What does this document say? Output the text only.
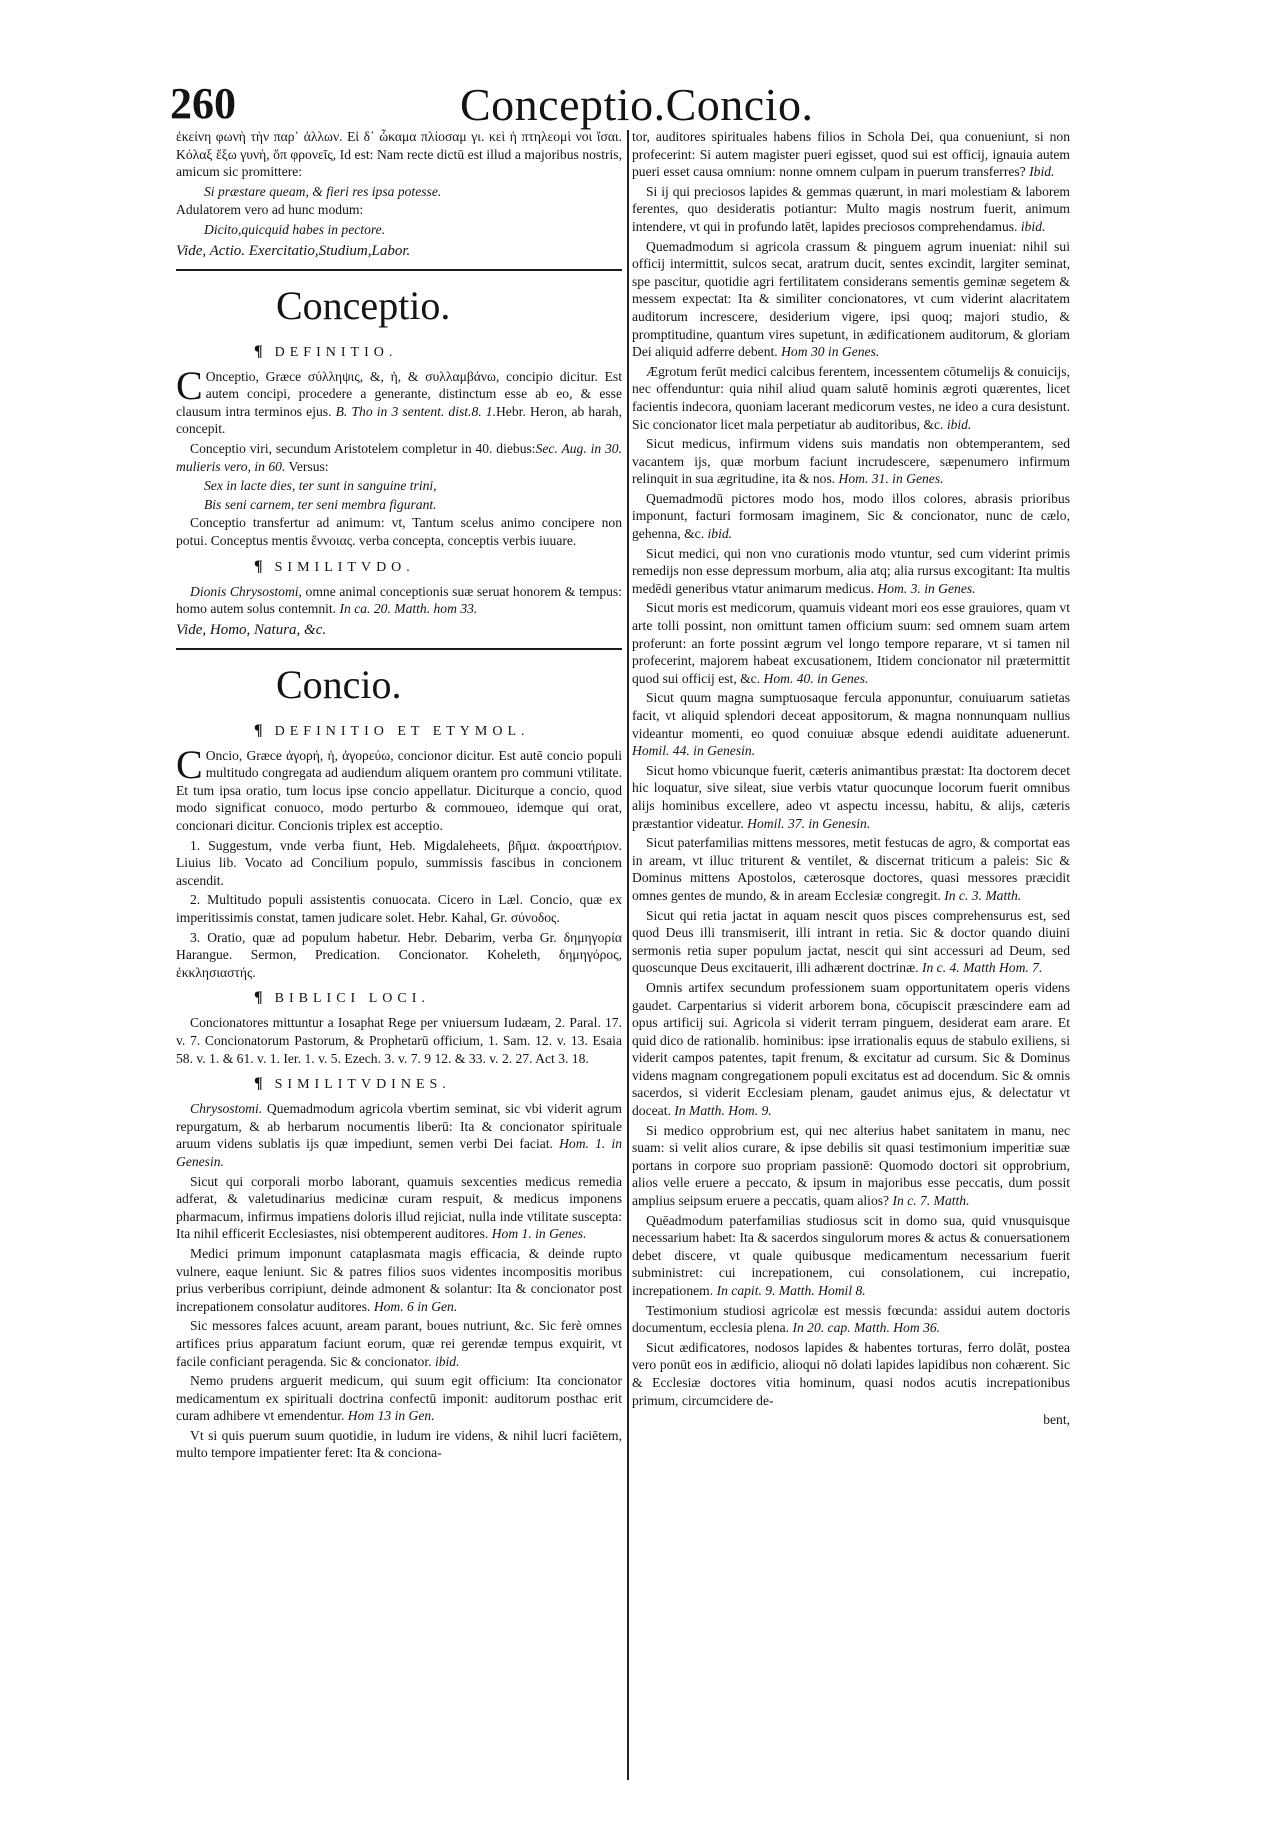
260	Conceptio.Concio.

ἐκείνη φωνὴ τὴν παρ᾽ ἀλλων. Εἰ δ᾽ ὧκαμα πλίοσαμ γι. κεὶ ἡ πτηλεομὶ νοι ἴσαι. Κόλαξ ἕξω γυνὴ, ὅπ φρονεῖς, Id est: Nam recte dictū est illud a majoribus nostris, amicum sic promittere:

Si præstare queam, & fieri res ipsa potesse.

Adulatorem vero ad hunc modum:

Dicito,quicquid habes in pectore.

Vide, Actio. Exercitatio,Studium,Labor.

Conceptio.
¶ DEFINITIO.

C Onceptio, Græce σύλληψις, &, ἡ, & συλλαμβάνω, concipio dicitur. Est autem concipi, procedere a generante, distinctum esse ab eo, & esse clausum intra terminos ejus. B. Tho in 3 sentent. dist.8. 1.Hebr. Heron, ab harah, concepit.

Conceptio viri, secundum Aristotelem completur in 40. diebus:Sec. Aug. in 30. mulieris vero, in 60. Versus:

Sex in lacte dies, ter sunt in sanguine trini,

Bis seni carnem, ter seni membra figurant.

Conceptio transfertur ad animum: vt, Tantum scelus animo concipere non potui. Conceptus mentis ἔννοιας. verba concepta, conceptis verbis iuuare.

¶ SIMILITVDO.

Dionis Chrysostomi, omne animal conceptionis suæ seruat honorem & tempus: homo autem solus contemnit. In ca. 20. Matth. hom 33.

Vide, Homo, Natura, &c.

Concio.
¶ DEFINITIO ET ETYMOL.

C Oncio, Græce ἀγορή, ἡ, ἀγορεύω, concionor dicitur. Est autē concio populi multitudo congregata ad audiendum aliquem orantem pro communi vtilitate. Et tum ipsa oratio, tum locus ipse concio appellatur. Diciturque a concio, quod modo significat conuoco, modo perturbo & commoueo, idemque qui orat, concionari dicitur. Concionis triplex est acceptio.

1. Suggestum, vnde verba fiunt, Heb. Migdaleheets, βῆμα. ἀκροατήριον. Liuius lib. Vocato ad Concilium populo, summissis fascibus in concionem ascendit.

2. Multitudo populi assistentis conuocata. Cicero in Læl. Concio, quæ ex imperitissimis constat, tamen judicare solet. Hebr. Kahal, Gr. σύνοδος.

3. Oratio, quæ ad populum habetur. Hebr. Debarim, verba Gr. δημηγορία Harangue. Sermon, Predication. Concionator. Koheleth, δημηγόρος, ἐκκλησιαστής.

¶ BIBLICI LOCI.

Concionatores mittuntur a Iosaphat Rege per vniuersum Iudæam, 2. Paral. 17. v. 7. Concionatorum Pastorum, & Prophetarū officium, 1. Sam. 12. v. 13. Esaia 58. v. 1. & 61. v. 1. Ier. 1. v. 5. Ezech. 3. v. 7. 9 12. & 33. v. 2. 27. Act 3. 18.

¶ SIMILITVDINES.

Chrysostomi. Quemadmodum agricola vbertim seminat, sic vbi viderit agrum repurgatum, & ab herbarum nocumentis liberū: Ita & concionator spirituale aruum videns sublatis ijs quæ impediunt, semen verbi Dei faciat. Hom. 1. in Genesin.

Sicut qui corporali morbo laborant, quamuis sexcenties medicus remedia adferat, & valetudinarius medicinæ curam respuit, & medicus imponens pharmacum, infirmus impatiens doloris illud rejiciat, nulla inde vtilitate suscepta: Ita nihil efficerit Ecclesiastes, nisi obtemperent auditores. Hom 1. in Genes.

Medici primum imponunt cataplasmata magis efficacia, & deinde rupto vulnere, eaque leniunt. Sic & patres filios suos videntes incompositis moribus prius verberibus corripiunt, deinde admonent & solantur: Ita & concionator post increpationem consolatur auditores. Hom. 6 in Gen.

Sic messores falces acuunt, aream parant, boues nutriunt, &c. Sic ferè omnes artifices prius apparatum faciunt eorum, quæ rei gerendæ tempus exquirit, vt facile conficiant peragenda. Sic & concionator. ibid.

Nemo prudens arguerit medicum, qui suum egit officium: Ita concionator medicamentum ex spirituali doctrina confectū imponit: auditorum posthac erit curam adhibere vt emendentur. Hom 13 in Gen.

Vt si quis puerum suum quotidie, in ludum ire videns, & nihil lucri faciētem, multo tempore impatienter feret: Ita & conciona-

tor, auditores spirituales habens filios in Schola Dei, qua conueniunt, si non profecerint: Si autem magister pueri egisset, quod sui est officij, ignauia autem pueri esset causa omnium: nonne omnem culpam in puerum transferres? Ibid.

Si ij qui preciosos lapides & gemmas quærunt, in mari molestiam & laborem ferentes, quo desideratis potiantur: Multo magis nostrum fuerit, animum intendere, vt qui in profundo latēt, lapides preciosos comprehendamus. ibid.

Quemadmodum si agricola crassum & pinguem agrum inueniat: nihil sui officij intermittit, sulcos secat, aratrum ducit, sentes excindit, largiter seminat, spe pascitur, quotidie agri fertilitatem considerans sementis geminæ segetem & messem expectat: Ita & similiter concionatores, vt cum viderint alacritatem auditorum increscere, desiderium vigere, ipsi quoq; majori studio, & promptitudine, quantum vires supetunt, in ædificationem auditorum, & gloriam Dei aliquid adferre debent. Hom 30 in Genes.

Ægrotum ferūt medici calcibus ferentem, incessentem cōtumelijs & conuicijs, nec offenduntur: quia nihil aliud quam salutē hominis ægroti quærentes, licet facientis indecora, quoniam lacerant medicorum vestes, ne ideo a cura desistunt. Sic concionator licet mala perpetiatur ab auditoribus, &c. ibid.

Sicut medicus, infirmum videns suis mandatis non obtemperantem, sed vacantem ijs, quæ morbum faciunt incrudescere, sæpenumero infirmum relinquit in sua ægritudine, ita & nos. Hom. 31. in Genes.

Quemadmodū pictores modo hos, modo illos colores, abrasis prioribus imponunt, facturi formosam imaginem, Sic & concionator, nunc de cælo, gehenna, &c. ibid.

Sicut medici, qui non vno curationis modo vtuntur, sed cum viderint primis remedijs non esse depressum morbum, alia atq; alia rursus excogitant: Ita multis medēdi generibus vtatur animarum medicus. Hom. 3. in Genes.

Sicut moris est medicorum, quamuis videant mori eos esse grauiores, quam vt arte tolli possint, non omittunt tamen officium suum: sed omnem suam artem proferunt: an forte possint ægrum vel longo tempore reparare, vt si tamen nil profecerint, majorem habeat excusationem, Itidem concionator nil prætermittit quod sui officij est, &c. Hom. 40. in Genes.

Sicut quum magna sumptuosaque fercula apponuntur, conuiuarum satietas facit, vt aliquid splendori deceat appositorum, & magna nonnunquam nullius videantur momenti, eo quod conuiuæ absque edendi auiditate aduenerunt. Homil. 44. in Genesin.

Sicut homo vbicunque fuerit, cæteris animantibus præstat: Ita doctorem decet hic loquatur, sive sileat, siue verbis vtatur quocunque locorum fuerit omnibus alijs hominibus excellere, adeo vt aspectu incessu, habitu, & alijs, cæteris præstantior videatur. Homil. 37. in Genesin.

Sicut paterfamilias mittens messores, metit festucas de agro, & comportat eas in aream, vt illuc triturent & ventilet, & discernat triticum a paleis: Sic & Dominus mittens Apostolos, cæterosque doctores, quasi messores præcidit omnes gentes de mundo, & in aream Ecclesiæ congregit. In c. 3. Matth.

Sicut qui retia jactat in aquam nescit quos pisces comprehensurus est, sed quod Deus illi transmiserit, illi intrant in retia. Sic & doctor quando diuini sermonis retia super populum jactat, nescit qui sint accessuri ad Deum, sed quoscunque Deus excitauerit, illi adhærent doctrinæ. In c. 4. Matth Hom. 7.

Omnis artifex secundum professionem suam opportunitatem operis videns gaudet. Carpentarius si viderit arborem bona, cōcupiscit præscindere eam ad opus artificij sui. Agricola si viderit terram pinguem, desiderat eam arare. Et quid dico de rationalib. hominibus: ipse irrationalis equus de stabulo exiliens, si viderit campos patentes, tapit frenum, & excitatur ad cursum. Sic & Dominus videns magnam congregationem populi excitatus est ad docendum. Sic & omnis sacerdos, si viderit Ecclesiam plenam, gaudet animus ejus, & delectatur vt doceat. In Matth. Hom. 9.

Si medico opprobrium est, qui nec alterius habet sanitatem in manu, nec suam: si velit alios curare, & ipse debilis sit quasi testimonium imperitiæ suæ portans in corpore suo propriam passionē: Quomodo doctori sit opprobrium, alios velle eruere a peccato, & ipsum in majoribus esse peccatis, dum possit amplius seipsum eruere a peccatis, quam alios? In c. 7. Matth.

Quēadmodum paterfamilias studiosus scit in domo sua, quid vnusquisque necessarium habet: Ita & sacerdos singulorum mores & actus & conuersationem debet discere, vt quale quibusque medicamentum necessarium fuerit subministret: cui increpationem, cui consolationem, cui increpatio, increpationem. In capit. 9. Matth. Homil 8.

Testimonium studiosi agricolæ est messis fœcunda: assidui autem doctoris documentum, ecclesia plena. In 20. cap. Matth. Hom 36.

Sicut ædificatores, nodosos lapides & habentes torturas, ferro dolāt, postea vero ponūt eos in ædificio, alioqui nō dolati lapides lapidibus non cohærent. Sic & Ecclesiæ doctores vitia hominum, quasi nodos acutis increpationibus primum, circumcidere de-

bent,
